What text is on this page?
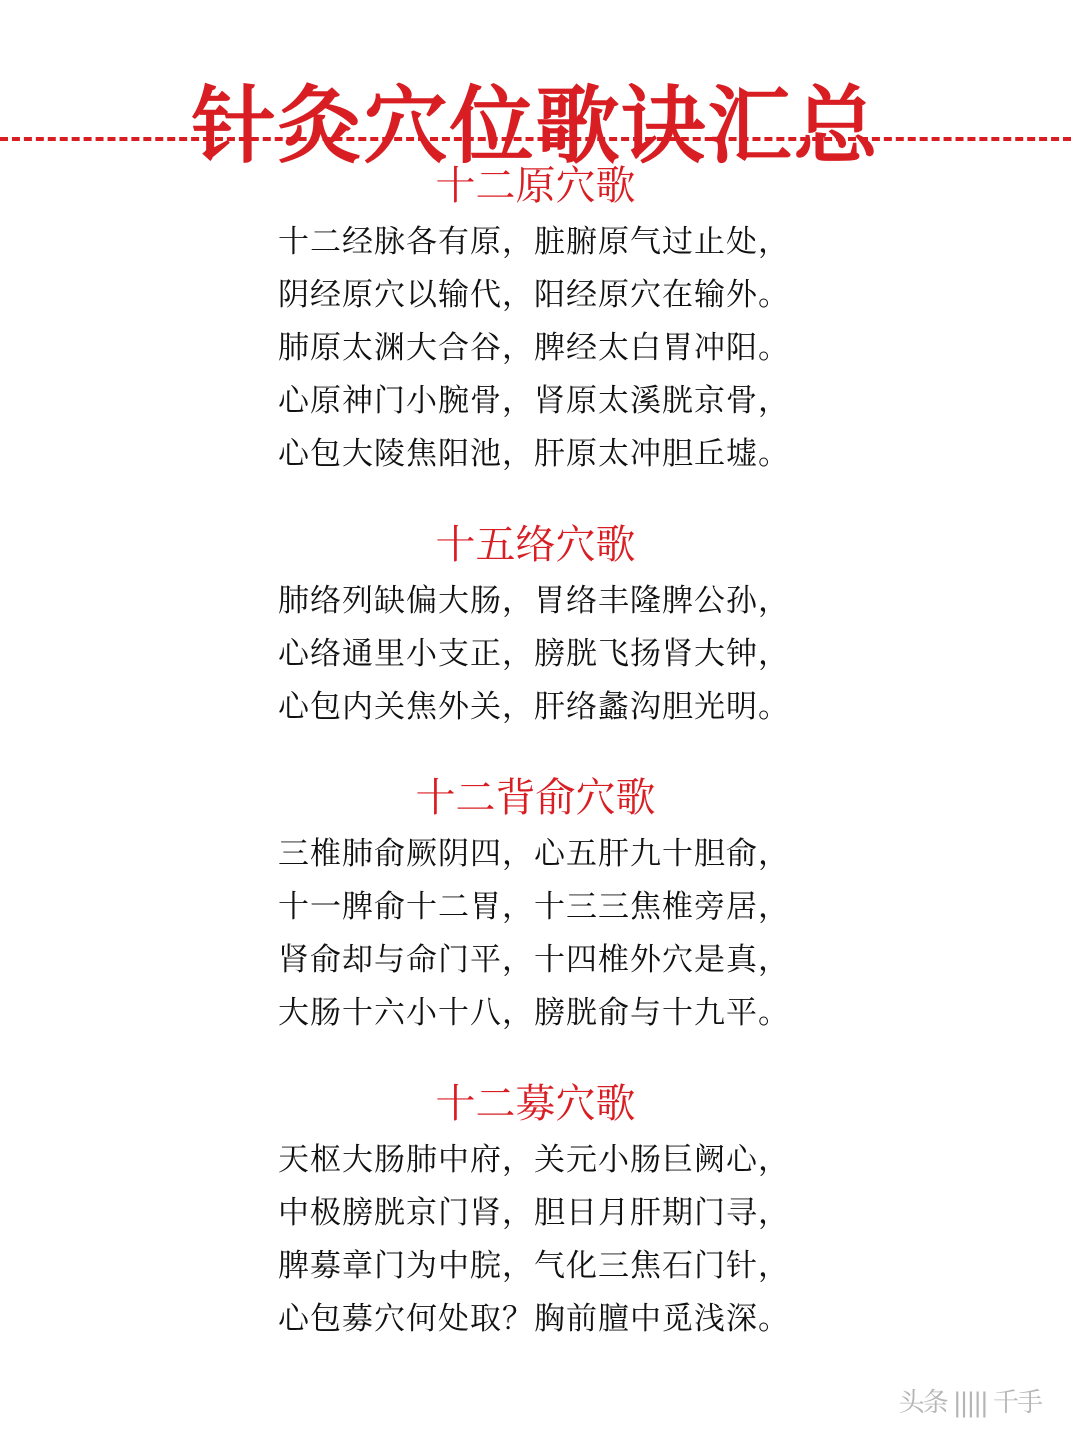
针灸穴位歌诀汇总
十二原穴歌
十二经脉各有原，脏腑原气过止处，
阴经原穴以输代，阳经原穴在输外。
肺原太渊大合谷，脾经太白胃冲阳。
心原神门小腕骨，肾原太溪胱京骨，
心包大陵焦阳池，肝原太冲胆丘墟。
十五络穴歌
肺络列缺偏大肠，胃络丰隆脾公孙，
心络通里小支正，膀胱飞扬肾大钟，
心包内关焦外关，肝络蠡沟胆光明。
十二背俞穴歌
三椎肺俞厥阴四，心五肝九十胆俞，
十一脾俞十二胃，十三三焦椎旁居，
肾俞却与命门平，十四椎外穴是真，
大肠十六小十八，膀胱俞与十九平。
十二募穴歌
天枢大肠肺中府，关元小肠巨阙心，
中极膀胱京门肾，胆日月肝期门寻，
脾募章门为中脘，气化三焦石门针，
心包募穴何处取？胸前膻中觅浅深。
头条 ||||| 千手
